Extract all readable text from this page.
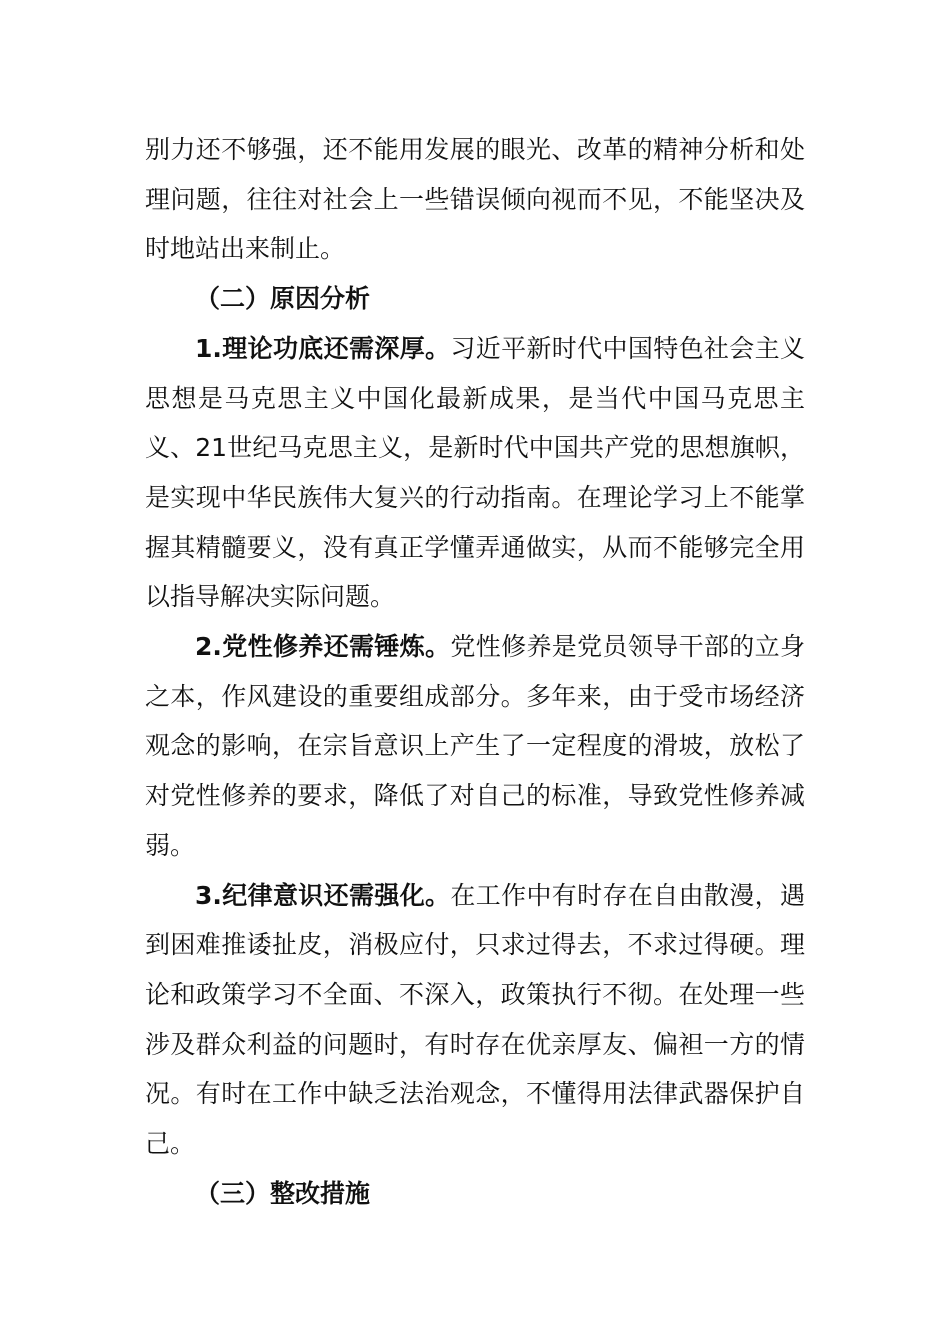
别力还不够强，还不能用发展的眼光、改革的精神分析和处理问题，往往对社会上一些错误倾向视而不见，不能坚决及时地站出来制止。

（二）原因分析

1.理论功底还需深厚。习近平新时代中国特色社会主义思想是马克思主义中国化最新成果，是当代中国马克思主义、21世纪马克思主义，是新时代中国共产党的思想旗帜，是实现中华民族伟大复兴的行动指南。在理论学习上不能掌握其精髓要义，没有真正学懂弄通做实，从而不能够完全用以指导解决实际问题。

2.党性修养还需锤炼。党性修养是党员领导干部的立身之本，作风建设的重要组成部分。多年来，由于受市场经济观念的影响，在宗旨意识上产生了一定程度的滑坡，放松了对党性修养的要求，降低了对自己的标准，导致党性修养减弱。

3.纪律意识还需强化。在工作中有时存在自由散漫，遇到困难推诿扯皮，消极应付，只求过得去，不求过得硬。理论和政策学习不全面、不深入，政策执行不彻。在处理一些涉及群众利益的问题时，有时存在优亲厚友、偏袒一方的情况。有时在工作中缺乏法治观念，不懂得用法律武器保护自己。

（三）整改措施
